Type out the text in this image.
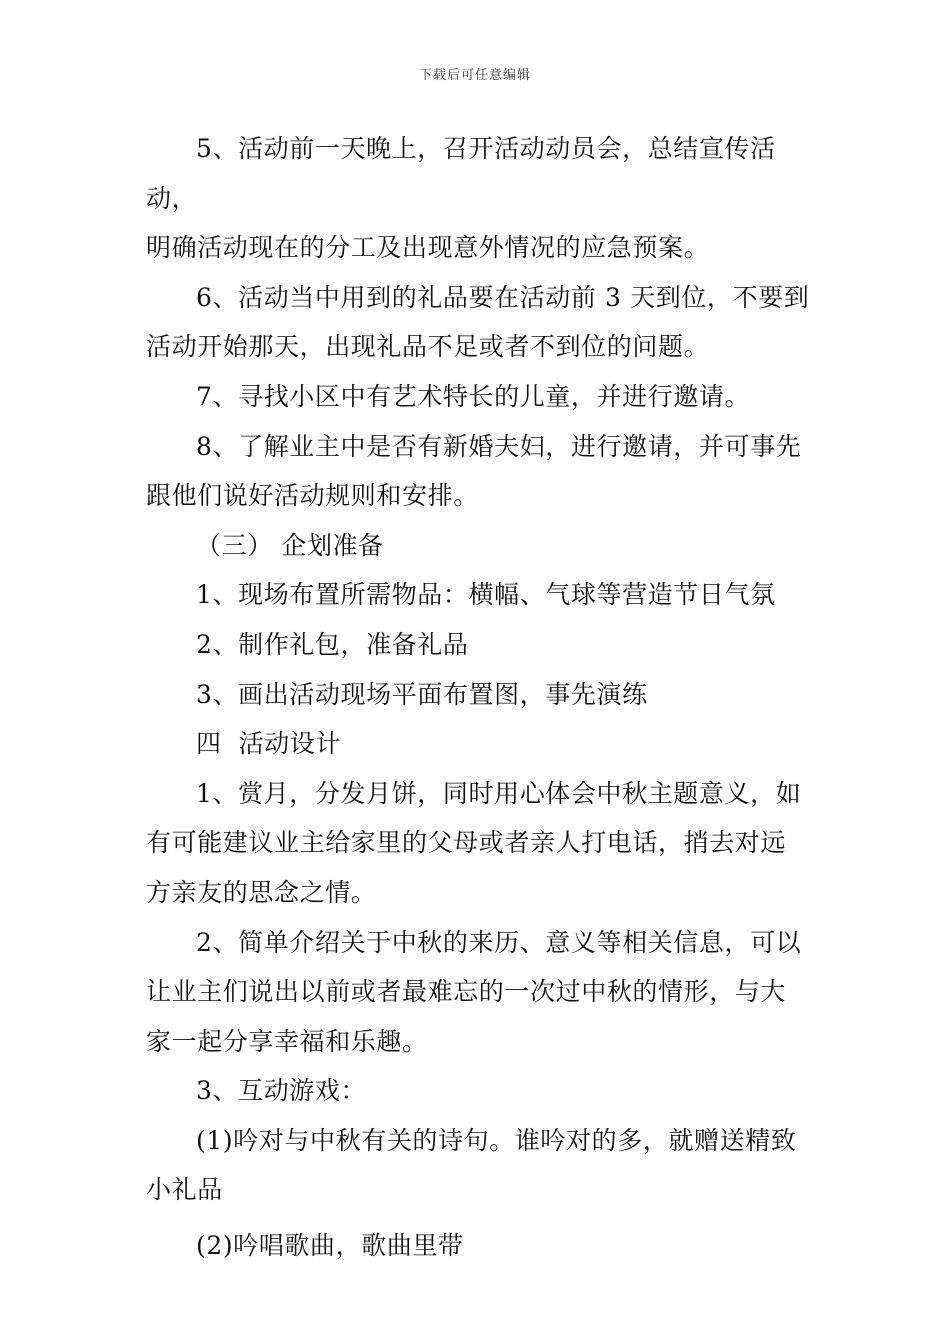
下载后可任意编辑
5、活动前一天晚上，召开活动动员会，总结宣传活动，
明确活动现在的分工及出现意外情况的应急预案。
6、活动当中用到的礼品要在活动前 3 天到位，不要到
活动开始那天，出现礼品不足或者不到位的问题。
7、寻找小区中有艺术特长的儿童，并进行邀请。
8、了解业主中是否有新婚夫妇，进行邀请，并可事先
跟他们说好活动规则和安排。
（三） 企划准备
1、现场布置所需物品：横幅、气球等营造节日气氛
2、制作礼包，准备礼品
3、画出活动现场平面布置图，事先演练
四  活动设计
1、赏月，分发月饼，同时用心体会中秋主题意义，如
有可能建议业主给家里的父母或者亲人打电话，捎去对远
方亲友的思念之情。
2、简单介绍关于中秋的来历、意义等相关信息，可以
让业主们说出以前或者最难忘的一次过中秋的情形，与大
家一起分享幸福和乐趣。
3、互动游戏：
(1)吟对与中秋有关的诗句。谁吟对的多，就赠送精致
小礼品
(2)吟唱歌曲，歌曲里带
